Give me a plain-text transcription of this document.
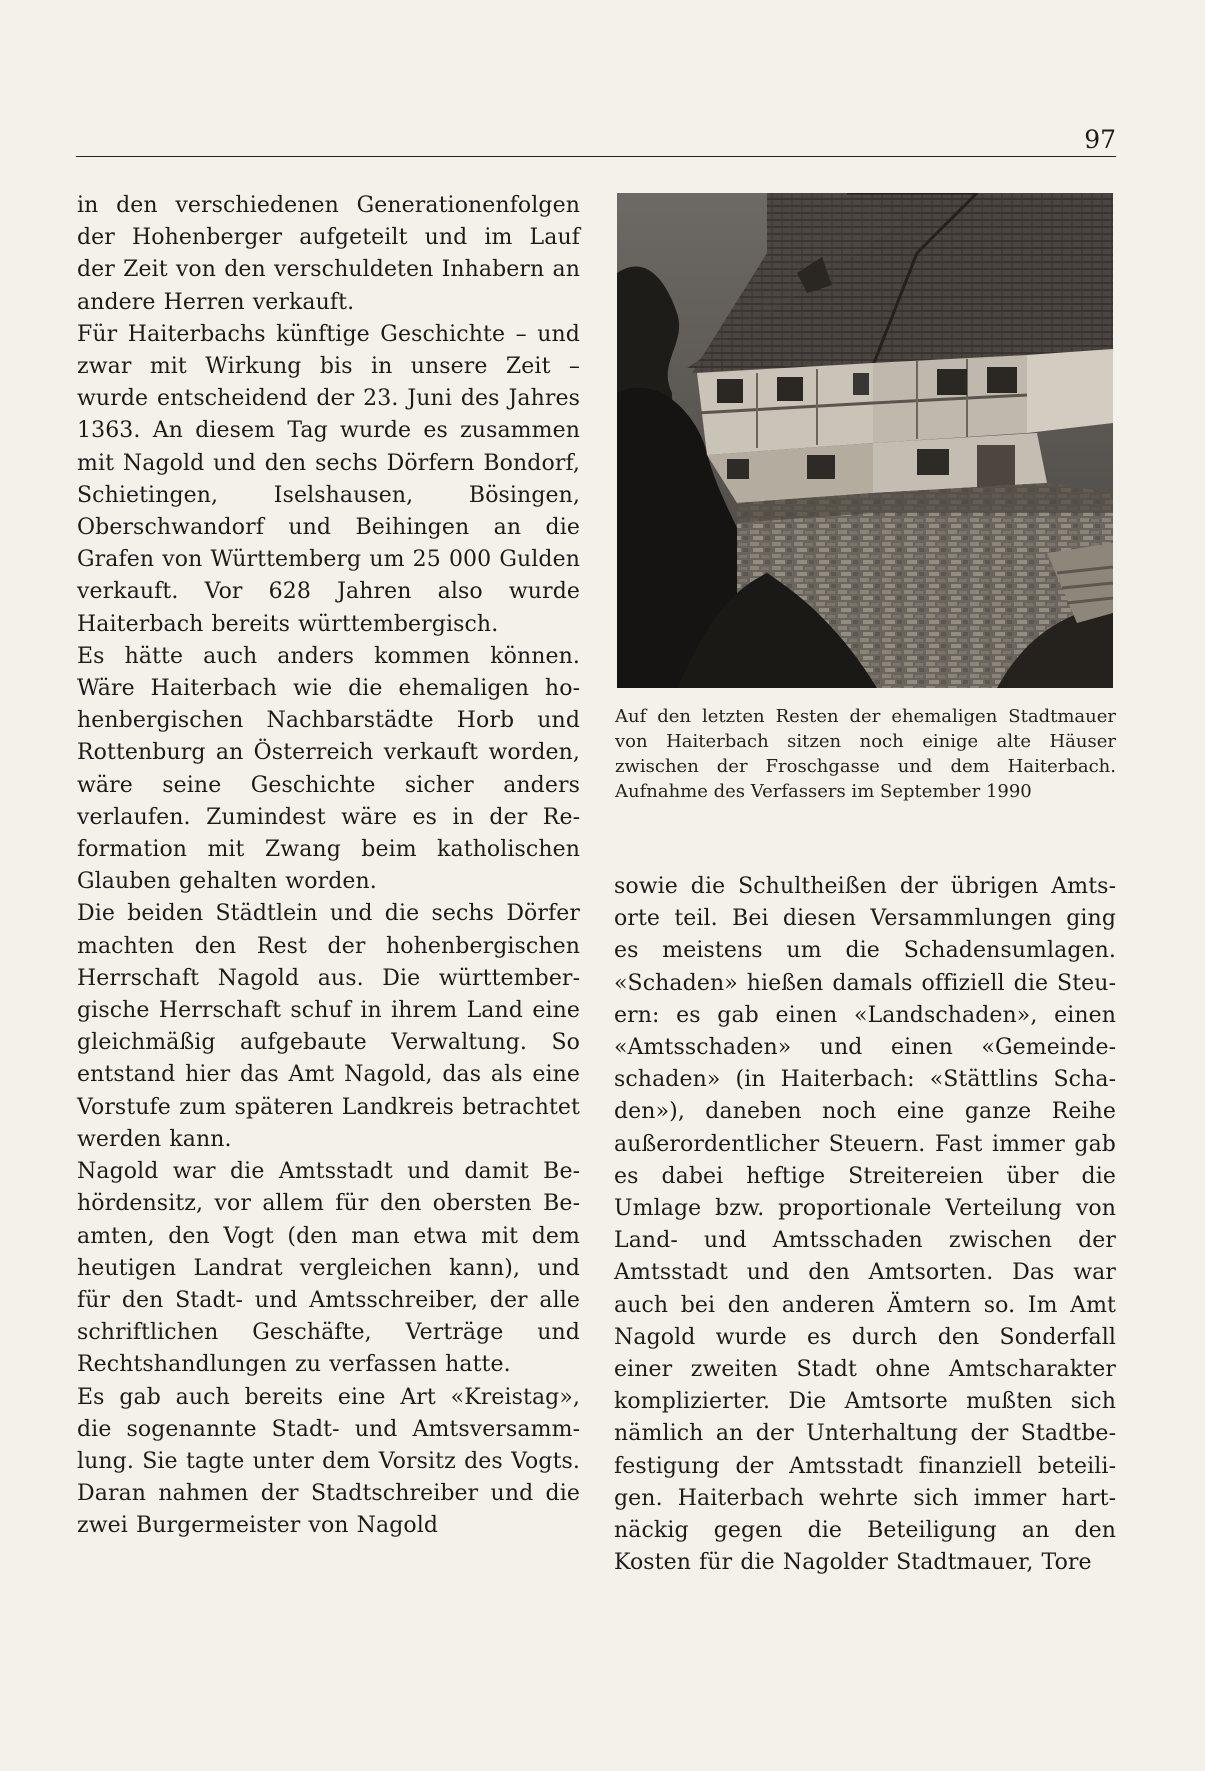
97

in den verschiedenen Generationenfolgen der Hohenberger aufgeteilt und im Lauf der Zeit von den verschuldeten Inhabern an andere Herren verkauft.

Für Haiterbachs künftige Geschichte – und zwar mit Wirkung bis in unsere Zeit – wurde entscheidend der 23. Juni des Jahres 1363. An diesem Tag wurde es zusammen mit Nagold und den sechs Dörfern Bondorf, Schietingen, Iselshausen, Bösingen, Oberschwandorf und Beihingen an die Grafen von Württemberg um 25 000 Gulden verkauft. Vor 628 Jahren also wurde Haiterbach bereits württembergisch.

Es hätte auch anders kommen können. Wäre Haiterbach wie die ehemaligen hohenbergischen Nachbarstädte Horb und Rottenburg an Österreich verkauft worden, wäre seine Geschichte sicher anders verlaufen. Zumindest wäre es in der Reformation mit Zwang beim katholischen Glauben gehalten worden.

Die beiden Städtlein und die sechs Dörfer machten den Rest der hohenbergischen Herrschaft Nagold aus. Die württembergische Herrschaft schuf in ihrem Land eine gleichmäßig aufgebaute Verwaltung. So entstand hier das Amt Nagold, das als eine Vorstufe zum späteren Landkreis betrachtet werden kann.

Nagold war die Amtsstadt und damit Behördensitz, vor allem für den obersten Beamten, den Vogt (den man etwa mit dem heutigen Landrat vergleichen kann), und für den Stadt- und Amtsschreiber, der alle schriftlichen Geschäfte, Verträge und Rechtshandlungen zu verfassen hatte.

Es gab auch bereits eine Art «Kreistag», die sogenannte Stadt- und Amtsversammlung. Sie tagte unter dem Vorsitz des Vogts. Daran nahmen der Stadtschreiber und die zwei Burgermeister von Nagold

Auf den letzten Resten der ehemaligen Stadtmauer von Haiterbach sitzen noch einige alte Häuser zwischen der Froschgasse und dem Haiterbach. Aufnahme des Verfassers im September 1990

sowie die Schultheißen der übrigen Amtsorte teil. Bei diesen Versammlungen ging es meistens um die Schadensumlagen. «Schaden» hießen damals offiziell die Steuern: es gab einen «Landschaden», einen «Amtsschaden» und einen «Gemeindeschaden» (in Haiterbach: «Stättlins Schaden»), daneben noch eine ganze Reihe außerordentlicher Steuern. Fast immer gab es dabei heftige Streitereien über die Umlage bzw. proportionale Verteilung von Land- und Amtsschaden zwischen der Amtsstadt und den Amtsorten. Das war auch bei den anderen Ämtern so. Im Amt Nagold wurde es durch den Sonderfall einer zweiten Stadt ohne Amtscharakter komplizierter. Die Amtsorte mußten sich nämlich an der Unterhaltung der Stadtbefestigung der Amtsstadt finanziell beteiligen. Haiterbach wehrte sich immer hartnäckig gegen die Beteiligung an den Kosten für die Nagolder Stadtmauer, Tore
